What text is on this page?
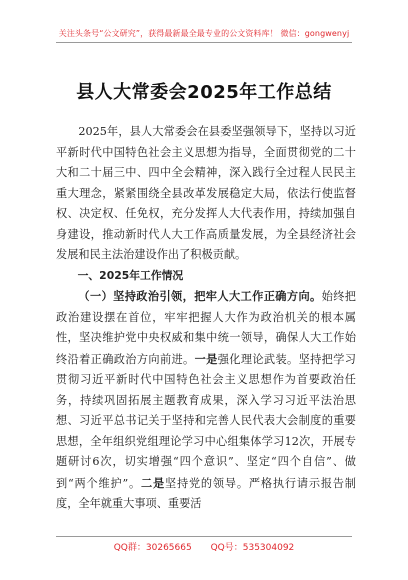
关注头条号“公文研究”，获得最新最全最专业的公文资料库！ 微信：gongwenyj
县人大常委会2025年工作总结

2025年，县人大常委会在县委坚强领导下，坚持以习近平新时代中国特色社会主义思想为指导，全面贯彻党的二十大和二十届三中、四中全会精神，深入践行全过程人民民主重大理念，紧紧围绕全县改革发展稳定大局，依法行使监督权、决定权、任免权，充分发挥人大代表作用，持续加强自身建设，推动新时代人大工作高质量发展，为全县经济社会发展和民主法治建设作出了积极贡献。

一、2025年工作情况

（一）坚持政治引领，把牢人大工作正确方向。始终把政治建设摆在首位，牢牢把握人大作为政治机关的根本属性，坚决维护党中央权威和集中统一领导，确保人大工作始终沿着正确政治方向前进。一是强化理论武装。坚持把学习贯彻习近平新时代中国特色社会主义思想作为首要政治任务，持续巩固拓展主题教育成果，深入学习习近平法治思想、习近平总书记关于坚持和完善人民代表大会制度的重要思想，全年组织党组理论学习中心组集体学习12次，开展专题研讨6次，切实增强“四个意识”、坚定“四个自信”、做到“两个维护”。二是坚持党的领导。严格执行请示报告制度，全年就重大事项、重要活

QQ群：30265665 QQ号：535304092
